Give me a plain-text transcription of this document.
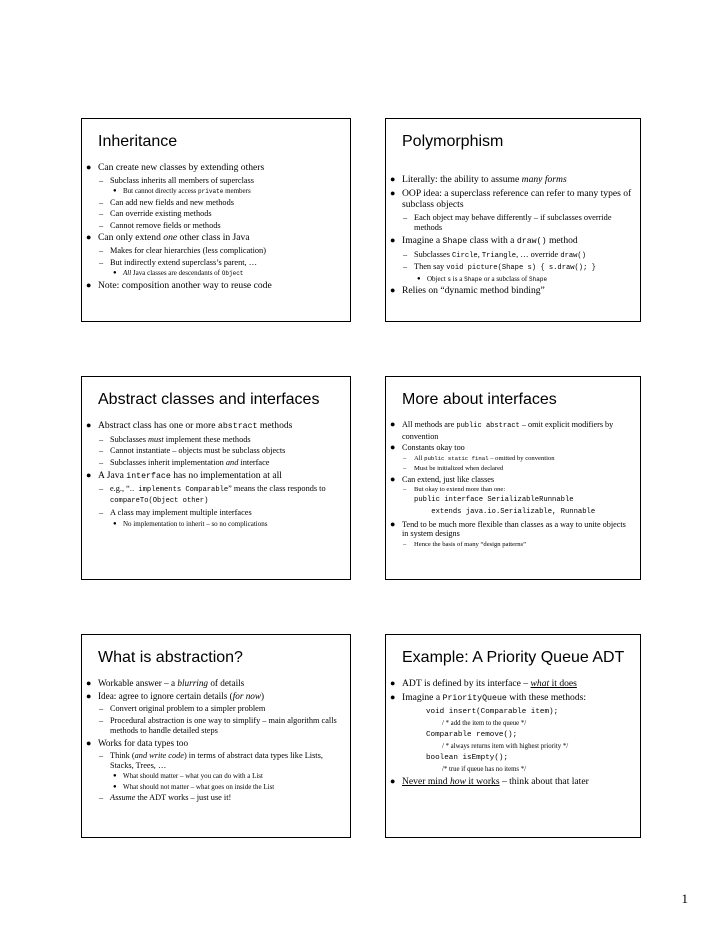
Inheritance
● Can create new classes by extending others
– Subclass inherits all members of superclass
● But cannot directly access private members
– Can add new fields and new methods
– Can override existing methods
– Cannot remove fields or methods
● Can only extend one other class in Java
– Makes for clear hierarchies (less complication)
– But indirectly extend superclass’s parent, …
● All Java classes are descendants of Object
● Note: composition another way to reuse code
Polymorphism
● Literally: the ability to assume many forms
● OOP idea: a superclass reference can refer to many types of subclass objects
– Each object may behave differently – if subclasses override methods
● Imagine a Shape class with a draw() method
– Subclasses Circle, Triangle, … override draw()
– Then say void picture(Shape s) { s.draw(); }
● Object s is a Shape or a subclass of Shape
● Relies on “dynamic method binding”
Abstract classes and interfaces
● Abstract class has one or more abstract methods
– Subclasses must implement these methods
– Cannot instantiate – objects must be subclass objects
– Subclasses inherit implementation and interface
● A Java interface has no implementation at all
– e.g., “… implements Comparable” means the class responds to compareTo(Object other)
– A class may implement multiple interfaces
● No implementation to inherit – so no complications
More about interfaces
● All methods are public abstract – omit explicit modifiers by convention
● Constants okay too
– All public static final – omitted by convention
– Must be initialized when declared
● Can extend, just like classes
– But okay to extend more than one:
public interface SerializableRunnable
extends java.io.Serializable, Runnable
● Tend to be much more flexible than classes as a way to unite objects in system designs
– Hence the basis of many “design patterns”
What is abstraction?
● Workable answer – a blurring of details
● Idea: agree to ignore certain details (for now)
– Convert original problem to a simpler problem
– Procedural abstraction is one way to simplify – main algorithm calls methods to handle detailed steps
● Works for data types too
– Think (and write code) in terms of abstract data types like Lists, Stacks, Trees, …
● What should matter – what you can do with a List
● What should not matter – what goes on inside the List
– Assume the ADT works – just use it!
Example: A Priority Queue ADT
● ADT is defined by its interface – what it does
● Imagine a PriorityQueue with these methods:
void insert(Comparable item);
/ * add the item to the queue */
Comparable remove();
/ * always returns item with highest priority */
boolean isEmpty();
/* true if queue has no items */
● Never mind how it works – think about that later
1
